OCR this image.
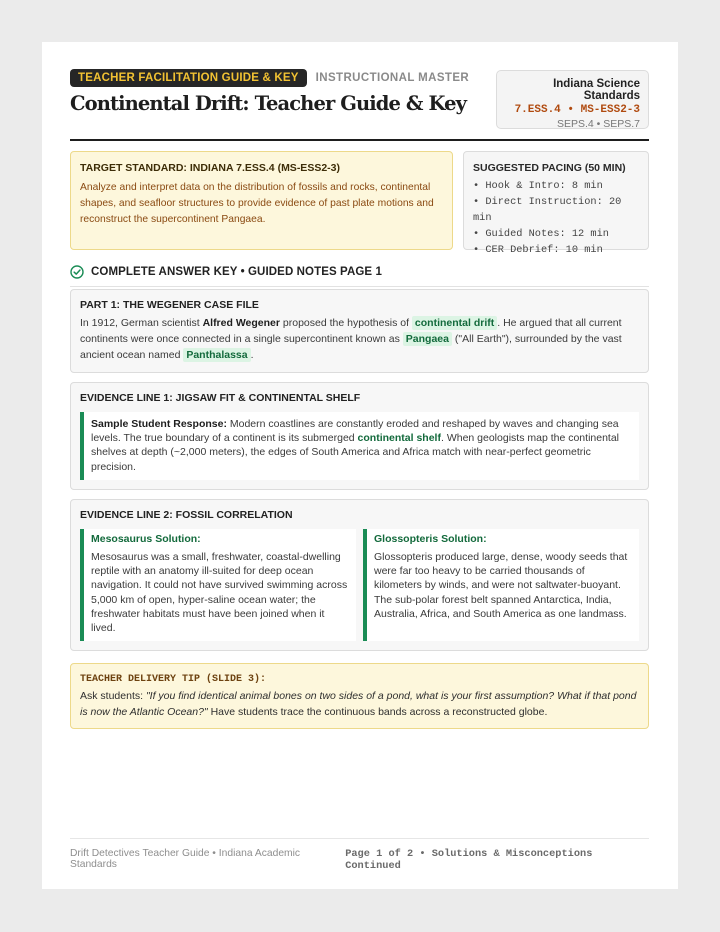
TEACHER FACILITATION GUIDE & KEY	INSTRUCTIONAL MASTER
Continental Drift: Teacher Guide & Key
Indiana Science Standards
7.ESS.4 • MS-ESS2-3
SEPS.4 • SEPS.7
TARGET STANDARD: INDIANA 7.ESS.4 (MS-ESS2-3)
Analyze and interpret data on the distribution of fossils and rocks, continental shapes, and seafloor structures to provide evidence of past plate motions and reconstruct the supercontinent Pangaea.
SUGGESTED PACING (50 MIN)
• Hook & Intro: 8 min
• Direct Instruction: 20 min
• Guided Notes: 12 min
• CER Debrief: 10 min
COMPLETE ANSWER KEY • GUIDED NOTES PAGE 1
PART 1: THE WEGENER CASE FILE
In 1912, German scientist Alfred Wegener proposed the hypothesis of continental drift . He argued that all current continents were once connected in a single supercontinent known as Pangaea ("All Earth"), surrounded by the vast ancient ocean named Panthalassa .
EVIDENCE LINE 1: JIGSAW FIT & CONTINENTAL SHELF
Sample Student Response: Modern coastlines are constantly eroded and reshaped by waves and changing sea levels. The true boundary of a continent is its submerged continental shelf. When geologists map the continental shelves at depth (~2,000 meters), the edges of South America and Africa match with near-perfect geometric precision.
EVIDENCE LINE 2: FOSSIL CORRELATION
Mesosaurus Solution:
Mesosaurus was a small, freshwater, coastal-dwelling reptile with an anatomy ill-suited for deep ocean navigation. It could not have survived swimming across 5,000 km of open, hyper-saline ocean water; the freshwater habitats must have been joined when it lived.
Glossopteris Solution:
Glossopteris produced large, dense, woody seeds that were far too heavy to be carried thousands of kilometers by winds, and were not saltwater-buoyant. The sub-polar forest belt spanned Antarctica, India, Australia, Africa, and South America as one landmass.
TEACHER DELIVERY TIP (SLIDE 3):
Ask students: "If you find identical animal bones on two sides of a pond, what is your first assumption? What if that pond is now the Atlantic Ocean?" Have students trace the continuous bands across a reconstructed globe.
Drift Detectives Teacher Guide • Indiana Academic Standards
Page 1 of 2 • Solutions & Misconceptions Continued
